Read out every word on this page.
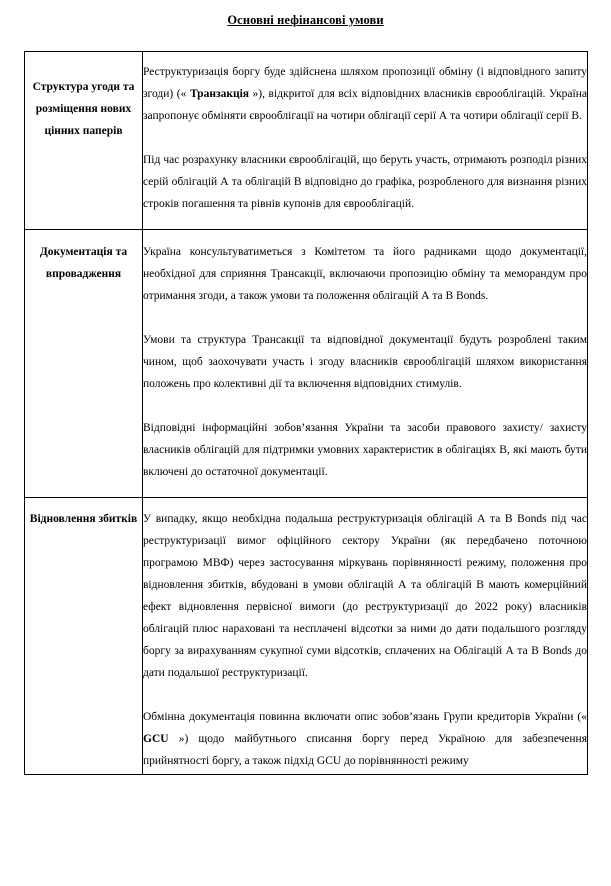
Основні нефінансові умови
Структура угоди та розміщення нових цінних паперів	Реструктуризація боргу буде здійснена шляхом пропозиції обміну (і відповідного запиту згоди) (« Транзакція »), відкритої для всіх відповідних власників єврооблігацій. Україна запропонує обміняти єврооблігації на чотири облігації серії А та чотири облігації серії В.

Під час розрахунку власники єврооблігацій, що беруть участь, отримають розподіл різних серій облігацій А та облігацій В відповідно до графіка, розробленого для визнання різних строків погашення та рівнів купонів для єврооблігацій.

Документація та впровадження	Україна консультуватиметься з Комітетом та його радниками щодо документації, необхідної для сприяння Трансакції, включаючи пропозицію обміну та меморандум про отримання згоди, а також умови та положення облігацій А та В Bonds.

Умови та структура Трансакції та відповідної документації будуть розроблені таким чином, щоб заохочувати участь і згоду власників єврооблігацій шляхом використання положень про колективні дії та включення відповідних стимулів.

Відповідні інформаційні зобов’язання України та засоби правового захисту/ захисту власників облігацій для підтримки умовних характеристик в облігаціях В, які мають бути включені до остаточної документації.

Відновлення збитків	У випадку, якщо необхідна подальша реструктуризація облігацій А та В Bonds під час реструктуризації вимог офіційного сектору України (як передбачено поточною програмою МВФ) через застосування міркувань порівнянності режиму, положення про відновлення збитків, вбудовані в умови облігацій А та облігацій В мають комерційний ефект відновлення первісної вимоги (до реструктуризації до 2022 року) власників облігацій плюс нараховані та несплачені відсотки за ними до дати подальшого розгляду боргу за вирахуванням сукупної суми відсотків, сплачених на Облігацій А та В Bonds до дати подальшої реструктуризації.

Обмінна документація повинна включати опис зобов’язань Групи кредиторів України (« GCU ») щодо майбутнього списання боргу перед Україною для забезпечення прийнятності боргу, а також підхід GCU до порівнянності режиму
